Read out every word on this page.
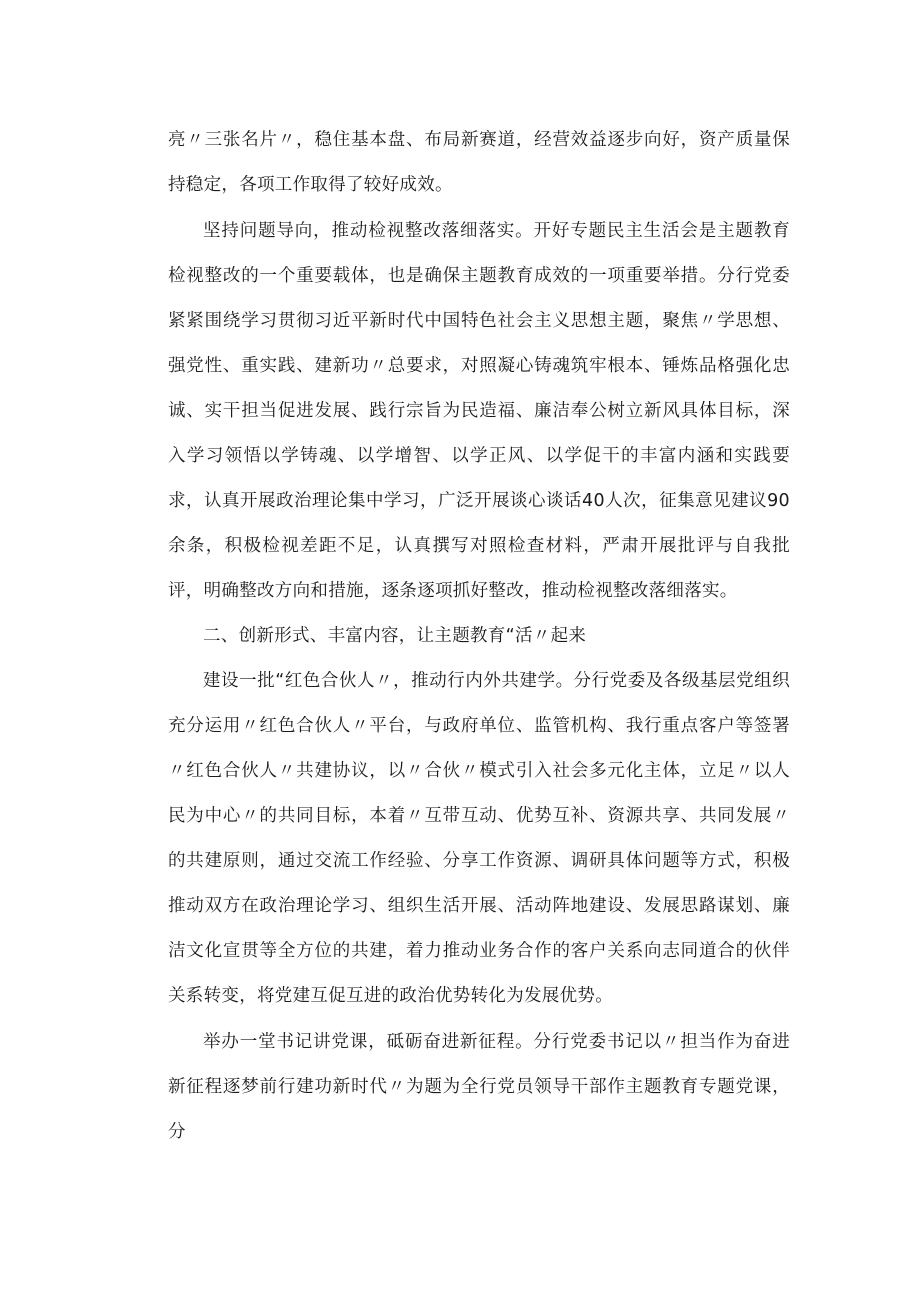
亮〃三张名片〃，稳住基本盘、布局新赛道，经营效益逐步向好，资产质量保持稳定，各项工作取得了较好成效。

坚持问题导向，推动检视整改落细落实。开好专题民主生活会是主题教育检视整改的一个重要载体，也是确保主题教育成效的一项重要举措。分行党委紧紧围绕学习贯彻习近平新时代中国特色社会主义思想主题，聚焦〃学思想、强党性、重实践、建新功〃总要求，对照凝心铸魂筑牢根本、锤炼品格强化忠诚、实干担当促进发展、践行宗旨为民造福、廉洁奉公树立新风具体目标，深入学习领悟以学铸魂、以学增智、以学正风、以学促干的丰富内涵和实践要求，认真开展政治理论集中学习，广泛开展谈心谈话40人次，征集意见建议90余条，积极检视差距不足，认真撰写对照检查材料，严肃开展批评与自我批评，明确整改方向和措施，逐条逐项抓好整改，推动检视整改落细落实。

二、创新形式、丰富内容，让主题教育“活〃起来

建设一批“红色合伙人〃，推动行内外共建学。分行党委及各级基层党组织充分运用〃红色合伙人〃平台，与政府单位、监管机构、我行重点客户等签署〃红色合伙人〃共建协议，以〃合伙〃模式引入社会多元化主体，立足〃以人民为中心〃的共同目标，本着〃互带互动、优势互补、资源共享、共同发展〃的共建原则，通过交流工作经验、分享工作资源、调研具体问题等方式，积极推动双方在政治理论学习、组织生活开展、活动阵地建设、发展思路谋划、廉洁文化宣贯等全方位的共建，着力推动业务合作的客户关系向志同道合的伙伴关系转变，将党建互促互进的政治优势转化为发展优势。

举办一堂书记讲党课，砥砺奋进新征程。分行党委书记以〃担当作为奋进新征程逐梦前行建功新时代〃为题为全行党员领导干部作主题教育专题党课，分
